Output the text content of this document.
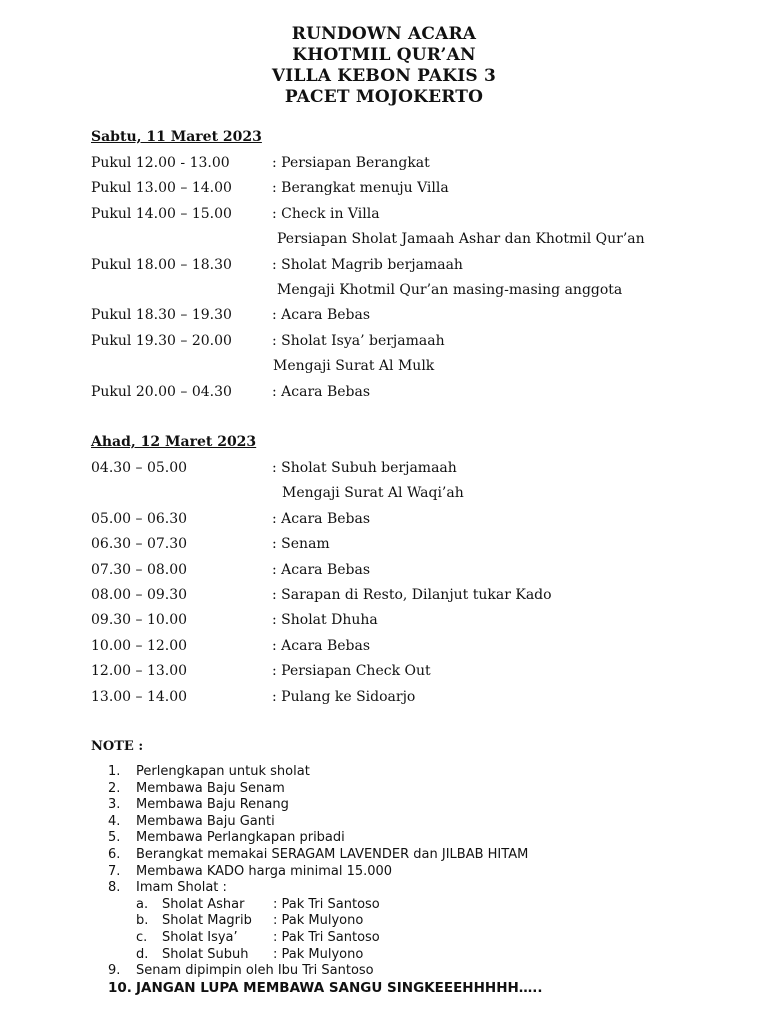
RUNDOWN ACARA
KHOTMIL QUR’AN
VILLA KEBON PAKIS 3
PACET MOJOKERTO
Sabtu, 11 Maret 2023
Pukul 12.00 - 13.00	: Persiapan Berangkat
Pukul 13.00 – 14.00	: Berangkat menuju Villa
Pukul 14.00 – 15.00	: Check in Villa
Persiapan Sholat Jamaah Ashar dan Khotmil Qur’an
Pukul 18.00 – 18.30	: Sholat Magrib berjamaah
Mengaji Khotmil Qur’an masing-masing anggota
Pukul 18.30 – 19.30	: Acara Bebas
Pukul 19.30 – 20.00	: Sholat Isya’ berjamaah
Mengaji Surat Al Mulk
Pukul 20.00 – 04.30	: Acara Bebas
Ahad, 12 Maret 2023
04.30 – 05.00	: Sholat Subuh berjamaah
Mengaji Surat Al Waqi’ah
05.00 – 06.30	: Acara Bebas
06.30 – 07.30	: Senam
07.30 – 08.00	: Acara Bebas
08.00 – 09.30	: Sarapan di Resto, Dilanjut tukar Kado
09.30 – 10.00	: Sholat Dhuha
10.00 – 12.00	: Acara Bebas
12.00 – 13.00	: Persiapan Check Out
13.00 – 14.00	: Pulang ke Sidoarjo
NOTE :
1. Perlengkapan untuk sholat
2. Membawa Baju Senam
3. Membawa Baju Renang
4. Membawa Baju Ganti
5. Membawa Perlangkapan pribadi
6. Berangkat memakai SERAGAM LAVENDER dan JILBAB HITAM
7. Membawa KADO harga minimal 15.000
8. Imam Sholat :
a. Sholat Ashar	: Pak Tri Santoso
b. Sholat Magrib	: Pak Mulyono
c. Sholat Isya’	: Pak Tri Santoso
d. Sholat Subuh	: Pak Mulyono
9. Senam dipimpin oleh Ibu Tri Santoso
10. JANGAN LUPA MEMBAWA SANGU SINGKEEEHHHHH…..
